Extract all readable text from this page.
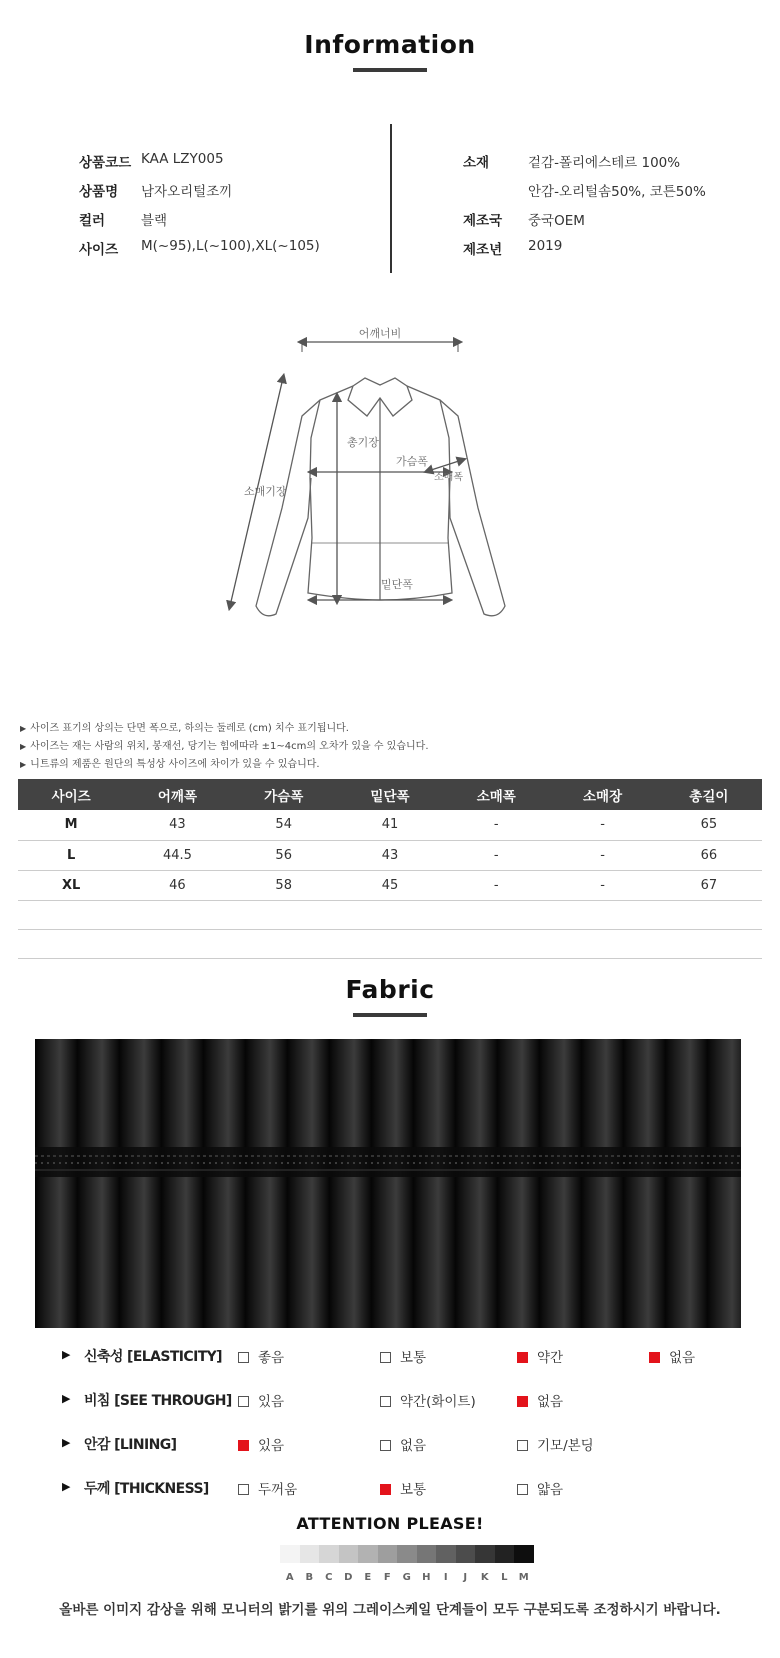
Information
상품코드 KAA LZY005
상품명 남자오리털조끼
컬러	블랙
사이즈 M(~95),L(~100),XL(~105)
소재	겉감-폴리에스테르 100%
안감-오리털솜50%, 코튼50%
제조국 중국OEM
제조년 2019
어깨너비
총기장
가슴폭
소매폭
소매기장
밑단폭
▶ 사이즈 표기의 상의는 단면 폭으로, 하의는 둘레로 (cm) 치수 표기됩니다.
▶ 사이즈는 재는 사람의 위치, 봉재선, 당기는 힘에따라 ±1~4cm의 오차가 있을 수 있습니다.
▶ 니트류의 제품은 원단의 특성상 사이즈에 차이가 있을 수 있습니다.
사이즈	어깨폭	가슴폭	밑단폭	소매폭	소매장	총길이
M	43	54	41	-	-	65
L	44.5	56	43	-	-	66
XL	46	58	45	-	-	67

Fabric
▶ 신축성 [ELASTICITY]	좋음	보통	약간	없음
▶ 비침 [SEE THROUGH]	있음	약간(화이트)	없음
▶ 안감 [LINING]	있음	없음	기모/본딩
▶ 두께 [THICKNESS]	두꺼움	보통	얇음
ATTENTION PLEASE!
A	B	C	D	E	F	G	H	I	J	K	L	M
올바른 이미지 감상을 위해 모니터의 밝기를 위의 그레이스케일 단계들이 모두 구분되도록 조정하시기 바랍니다.
